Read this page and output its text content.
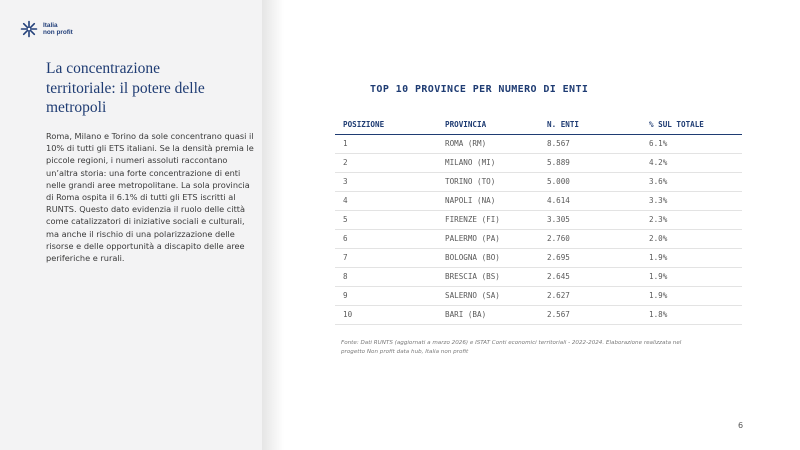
Italia
non profit
La concentrazione
territoriale: il potere delle
metropoli

Roma, Milano e Torino da sole concentrano quasi il 10% di tutti gli ETS italiani. Se la densità premia le piccole regioni, i numeri assoluti raccontano un’altra storia: una forte concentrazione di enti nelle grandi aree metropolitane. La sola provincia di Roma ospita il 6.1% di tutti gli ETS iscritti al RUNTS. Questo dato evidenzia il ruolo delle città come catalizzatori di iniziative sociali e culturali, ma anche il rischio di una polarizzazione delle risorse e delle opportunità a discapito delle aree periferiche e rurali.

TOP 10 PROVINCE PER NUMERO DI ENTI
POSIZIONE	PROVINCIA	N. ENTI	% SUL TOTALE
1	ROMA (RM)	8.567	6.1%
2	MILANO (MI)	5.889	4.2%
3	TORINO (TO)	5.000	3.6%
4	NAPOLI (NA)	4.614	3.3%
5	FIRENZE (FI)	3.305	2.3%
6	PALERMO (PA)	2.760	2.0%
7	BOLOGNA (BO)	2.695	1.9%
8	BRESCIA (BS)	2.645	1.9%
9	SALERNO (SA)	2.627	1.9%
10	BARI (BA)	2.567	1.8%

Fonte: Dati RUNTS (aggiornati a marzo 2026) e ISTAT Conti economici territoriali - 2022-2024. Elaborazione realizzata nel progetto Non profit data hub, Italia non profit

6
